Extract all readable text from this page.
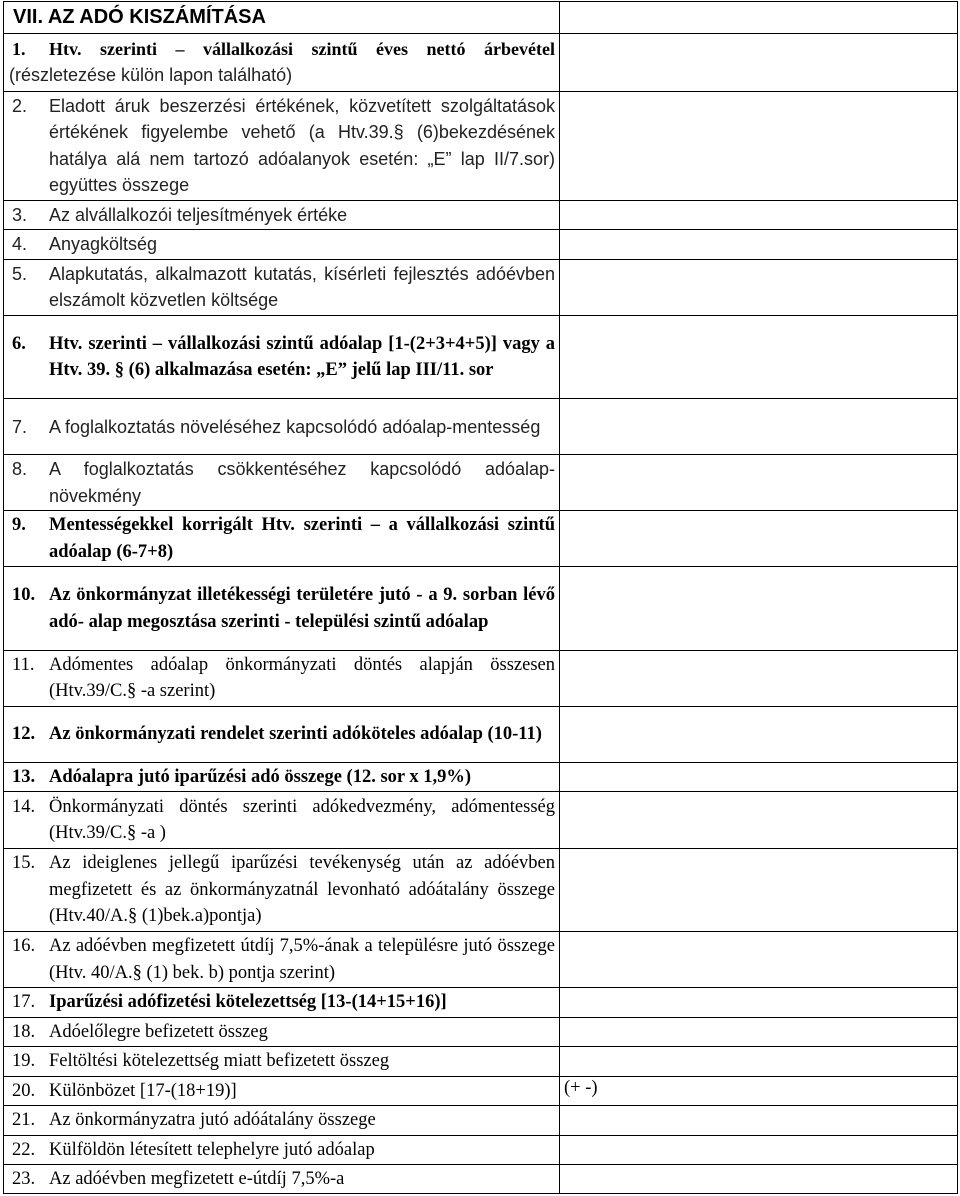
VII. AZ ADÓ KISZÁMÍTÁSA	

1. Htv. szerinti – vállalkozási szintű éves nettó árbevétel
(részletezése külön lapon található)	

2. Eladott áruk beszerzési értékének, közvetített szolgáltatások értékének figyelembe vehető (a Htv.39.§ (6)bekezdésének hatálya alá nem tartozó adóalanyok esetén: „E” lap II/7.sor) együttes összege	

3. Az alvállalkozói teljesítmények értéke	

4. Anyagköltség	

5. Alapkutatás, alkalmazott kutatás, kísérleti fejlesztés adóévben elszámolt közvetlen költsége	

6. Htv. szerinti – vállalkozási szintű adóalap [1-(2+3+4+5)] vagy a Htv. 39. § (6) alkalmazása esetén: „E” jelű lap III/11. sor	

7. A foglalkoztatás növeléséhez kapcsolódó adóalap-mentesség	

8. A foglalkoztatás csökkentéséhez kapcsolódó adóalap-növekmény	

9. Mentességekkel korrigált Htv. szerinti – a vállalkozási szintű adóalap (6-7+8)	

10. Az önkormányzat illetékességi területére jutó - a 9. sorban lévő adó- alap megosztása szerinti - települési szintű adóalap	

11. Adómentes adóalap önkormányzati döntés alapján összesen (Htv.39/C.§ -a szerint)	

12. Az önkormányzati rendelet szerinti adóköteles adóalap (10-11)	

13. Adóalapra jutó iparűzési adó összege (12. sor x 1,9%)	

14. Önkormányzati döntés szerinti adókedvezmény, adómentesség (Htv.39/C.§ -a )	

15. Az ideiglenes jellegű iparűzési tevékenység után az adóévben megfizetett és az önkormányzatnál levonható adóátalány összege (Htv.40/A.§ (1)bek.a)pontja)	

16. Az adóévben megfizetett útdíj 7,5%-ának a településre jutó összege (Htv. 40/A.§ (1) bek. b) pontja szerint)	

17. Iparűzési adófizetési kötelezettség [13-(14+15+16)]	

18. Adóelőlegre befizetett összeg	

19. Feltöltési kötelezettség miatt befizetett összeg	

20. Különbözet [17-(18+19)]	(+ -)

21. Az önkormányzatra jutó adóátalány összege	

22. Külföldön létesített telephelyre jutó adóalap	

23. Az adóévben megfizetett e-útdíj 7,5%-a	
